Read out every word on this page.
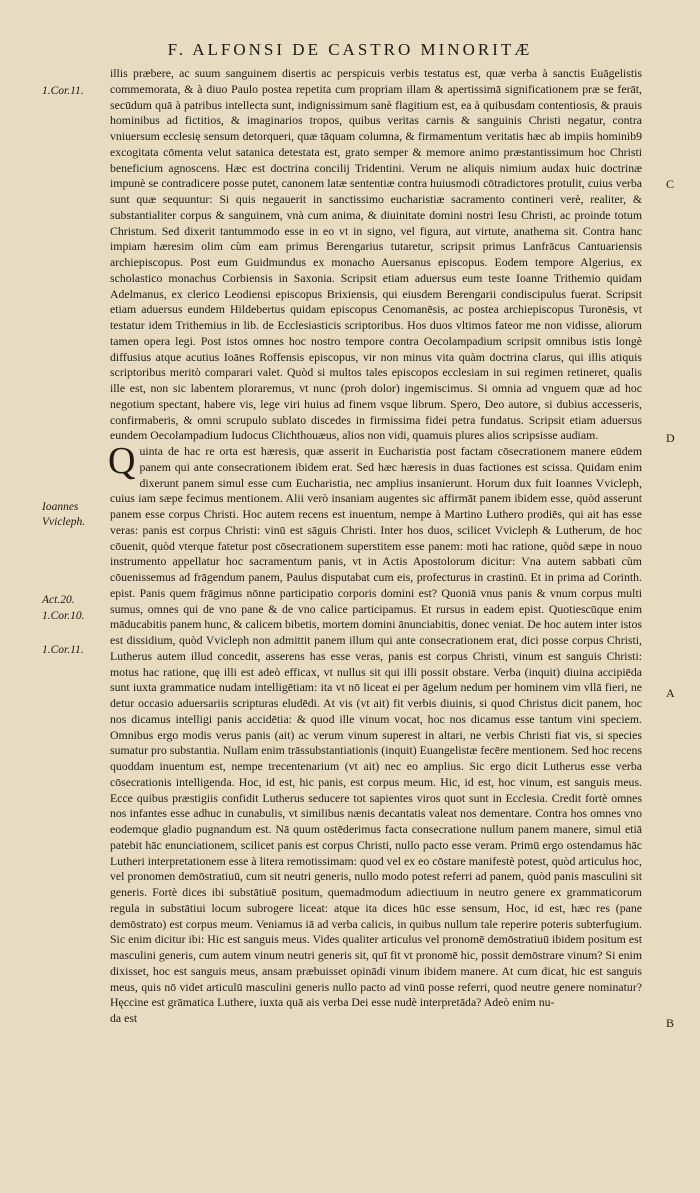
F. ALFONSI DE CASTRO MINORITÆ
1.Cor.11.
Ioannes
Vvicleph.
Act.20.
1.Cor.10.
1.Cor.11.
C
D
A
B

illis præbere, ac suum sanguinem disertis ac perspicuis verbis testatus est, quæ verba à sanctis Euāgelistis commemorata, & à diuo Paulo postea repetita cum propriam illam & apertissimā significationem præ se ferāt, secūdum quā à patribus intellecta sunt, indignissimum sanè flagitium est, ea à quibusdam contentiosis, & prauis hominibus ad fictitios, & imaginarios tropos, quibus veritas carnis & sanguinis Christi negatur, contra vniuersum ecclesię sensum detorqueri, quæ tāquam columna, & firmamentum veritatis hæc ab impiis hominib9 excogitata cōmenta velut satanica detestata est, grato semper & memore animo præstantissimum hoc Christi beneficium agnoscens. Hæc est doctrina concilij Tridentini. Verum ne aliquis nimium audax huic doctrinæ impunè se contradicere posse putet, canonem latæ sententiæ contra huiusmodi cōtradictores protulit, cuius verba sunt quæ sequuntur: Si quis negauerit in sanctissimo eucharistiæ sacramento contineri verè, realiter, & substantialiter corpus & sanguinem, vnà cum anima, & diuinitate domini nostri Iesu Christi, ac proinde totum Christum. Sed dixerit tantummodo esse in eo vt in signo, vel figura, aut virtute, anathema sit. Contra hanc impiam hæresim olim cùm eam primus Berengarius tutaretur, scripsit primus Lanfrācus Cantuariensis archiepiscopus. Post eum Guidmundus ex monacho Auersanus episcopus. Eodem tempore Algerius, ex scholastico monachus Corbiensis in Saxonia. Scripsit etiam aduersus eum teste Ioanne Trithemio quidam Adelmanus, ex clerico Leodiensi episcopus Brixiensis, qui eiusdem Berengarii condiscipulus fuerat. Scripsit etiam aduersus eundem Hildebertus quidam episcopus Cenomanēsis, ac postea archiepiscopus Turonēsis, vt testatur idem Trithemius in lib. de Ecclesiasticis scriptoribus. Hos duos vltimos fateor me non vidisse, aliorum tamen opera legi. Post istos omnes hoc nostro tempore contra Oecolampadium scripsit omnibus istis longè diffusius atque acutius Ioānes Roffensis episcopus, vir non minus vita quàm doctrina clarus, qui illis atiquis scriptoribus meritò comparari valet. Quòd si multos tales episcopos ecclesiam in sui regimen retineret, qualis ille est, non sic labentem ploraremus, vt nunc (proh dolor) ingemiscimus. Si omnia ad vnguem quæ ad hoc negotium spectant, habere vis, lege viri huius ad finem vsque librum. Spero, Deo autore, si dubius accesseris, confirmaberis, & omni scrupulo sublato discedes in firmissima fidei petra fundatus. Scripsit etiam aduersus eundem Oecolampadium Iudocus Clichthouæus, alios non vidi, quamuis plures alios scripsisse audiam.

Quinta de hac re orta est hæresis, quæ asserit in Eucharistia post factam cōsecrationem manere eūdem panem qui ante consecrationem ibidem erat. Sed hæc hæresis in duas factiones est scissa. Quidam enim dixerunt panem simul esse cum Eucharistia, nec amplius insanierunt. Horum dux fuit Ioannes Vvicleph, cuius iam sæpe fecimus mentionem. Alii verò insaniam augentes sic affirmāt panem ibidem esse, quòd asserunt panem esse corpus Christi. Hoc autem recens est inuentum, nempe à Martino Luthero prodiēs, qui ait has esse veras: panis est corpus Christi: vinū est sāguis Christi. Inter hos duos, scilicet Vvicleph & Lutherum, de hoc cōuenit, quòd vterque fatetur post cōsecrationem superstitem esse panem: moti hac ratione, quòd sæpe in nouo instrumento appellatur hoc sacramentum panis, vt in Actis Apostolorum dicitur: Vna autem sabbati cùm cōuenissemus ad frāgendum panem, Paulus disputabat cum eis, profecturus in crastinū. Et in prima ad Corinth. epist. Panis quem frāgimus nōnne participatio corporis domini est? Quoniā vnus panis & vnum corpus multi sumus, omnes qui de vno pane & de vno calice participamus. Et rursus in eadem epist. Quotiescūque enim māducabitis panem hunc, & calicem bibetis, mortem domini ānunciabitis, donec veniat. De hoc autem inter istos est dissidium, quòd Vvicleph non admittit panem illum qui ante consecrationem erat, dici posse corpus Christi, Lutherus autem illud concedit, asserens has esse veras, panis est corpus Christi, vinum est sanguis Christi: motus hac ratione, quę illi est adeò efficax, vt nullus sit qui illi possit obstare. Verba (inquit) diuina accipiēda sunt iuxta grammatice nudam intelligētiam: ita vt nō liceat ei per āgelum nedum per hominem vim vllā fieri, ne detur occasio aduersariis scripturas eludēdi. At vis (vt ait) fit verbis diuinis, si quod Christus dicit panem, hoc nos dicamus intelligi panis accidētia: & quod ille vinum vocat, hoc nos dicamus esse tantum vini speciem. Omnibus ergo modis verus panis (ait) ac verum vinum superest in altari, ne verbis Christi fiat vis, si species sumatur pro substantia. Nullam enim trāssubstantiationis (inquit) Euangelistæ fecēre mentionem. Sed hoc recens quoddam inuentum est, nempe trecentenarium (vt ait) nec eo amplius. Sic ergo dicit Lutherus esse verba cōsecrationis intelligenda. Hoc, id est, hic panis, est corpus meum. Hic, id est, hoc vinum, est sanguis meus. Ecce quibus præstigiis confidit Lutherus seducere tot sapientes viros quot sunt in Ecclesia. Credit fortè omnes nos infantes esse adhuc in cunabulis, vt similibus nænis decantatis valeat nos dementare. Contra hos omnes vno eodemque gladio pugnandum est. Nā quum ostēderimus facta consecratione nullum panem manere, simul etiā patebit hāc enunciationem, scilicet panis est corpus Christi, nullo pacto esse veram. Primū ergo ostendamus hāc Lutheri interpretationem esse à litera remotissimam: quod vel ex eo cōstare manifestè potest, quòd articulus hoc, vel pronomen demōstratiuū, cum sit neutri generis, nullo modo potest referri ad panem, quòd panis masculini sit generis. Fortè dices ibi substātiuē positum, quemadmodum adiectiuum in neutro genere ex grammaticorum regula in substātiui locum subrogere liceat: atque ita dices hūc esse sensum, Hoc, id est, hæc res (pane demōstrato) est corpus meum. Veniamus iā ad verba calicis, in quibus nullum tale reperire poteris subterfugium. Sic enim dicitur ibi: Hic est sanguis meus. Vides qualiter articulus vel pronomē demōstratiuū ibidem positum est masculini generis, cum autem vinum neutri generis sit, quī fit vt pronomē hic, possit demōstrare vinum? Si enim dixisset, hoc est sanguis meus, ansam præbuisset opinādi vinum ibidem manere. At cum dicat, hic est sanguis meus, quis nō videt articulū masculini generis nullo pacto ad vinū posse referri, quod neutre genere nominatur? Hęccine est grāmatica Luthere, iuxta quā ais verba Dei esse nudè interpretāda? Adeò enim nu-

da est
